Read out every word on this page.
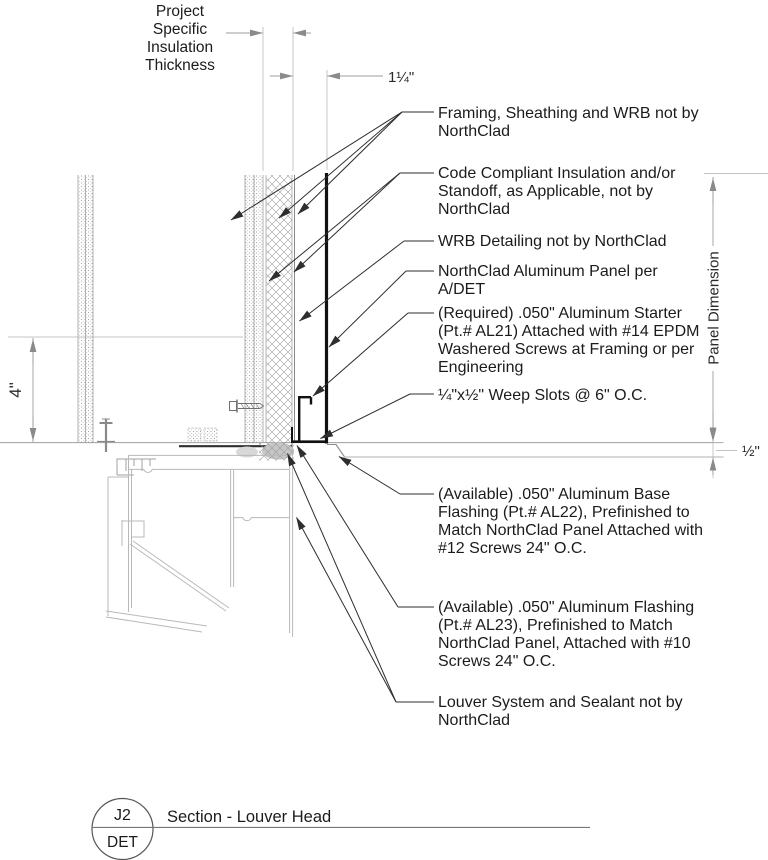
Project
Specific
Insulation
Thickness
1¼"
4"
½"
Panel Dimension
Framing, Sheathing and WRB not by
NorthClad
Code Compliant Insulation and/or
Standoff, as Applicable, not by
NorthClad
WRB Detailing not by NorthClad
NorthClad Aluminum Panel per
A/DET
(Required) .050" Aluminum Starter
(Pt.# AL21) Attached with #14 EPDM
Washered Screws at Framing or per
Engineering
¼"x½" Weep Slots @ 6" O.C.
(Available) .050" Aluminum Base
Flashing (Pt.# AL22), Prefinished to
Match NorthClad Panel Attached with
#12 Screws 24" O.C.
(Available) .050" Aluminum Flashing
(Pt.# AL23), Prefinished to Match
NorthClad Panel, Attached with #10
Screws 24" O.C.
Louver System and Sealant not by
NorthClad
J2
DET
Section - Louver Head
